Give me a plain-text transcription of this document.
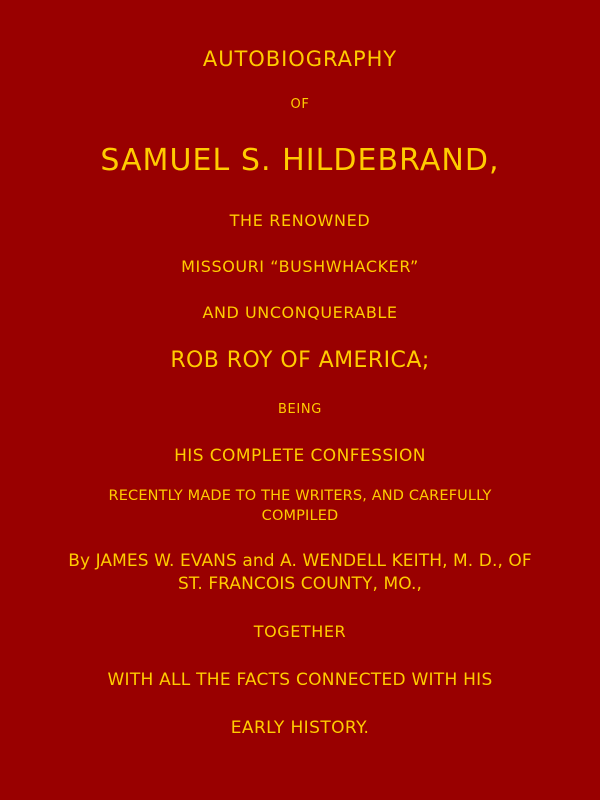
AUTOBIOGRAPHY
OF
SAMUEL S. HILDEBRAND,
THE RENOWNED
MISSOURI “BUSHWHACKER”
AND UNCONQUERABLE
ROB ROY OF AMERICA;
BEING
HIS COMPLETE CONFESSION
RECENTLY MADE TO THE WRITERS, AND CAREFULLY COMPILED
By JAMES W. EVANS and A. WENDELL KEITH, M. D., OF ST. FRANCOIS COUNTY, MO.,
TOGETHER
WITH ALL THE FACTS CONNECTED WITH HIS
EARLY HISTORY.
